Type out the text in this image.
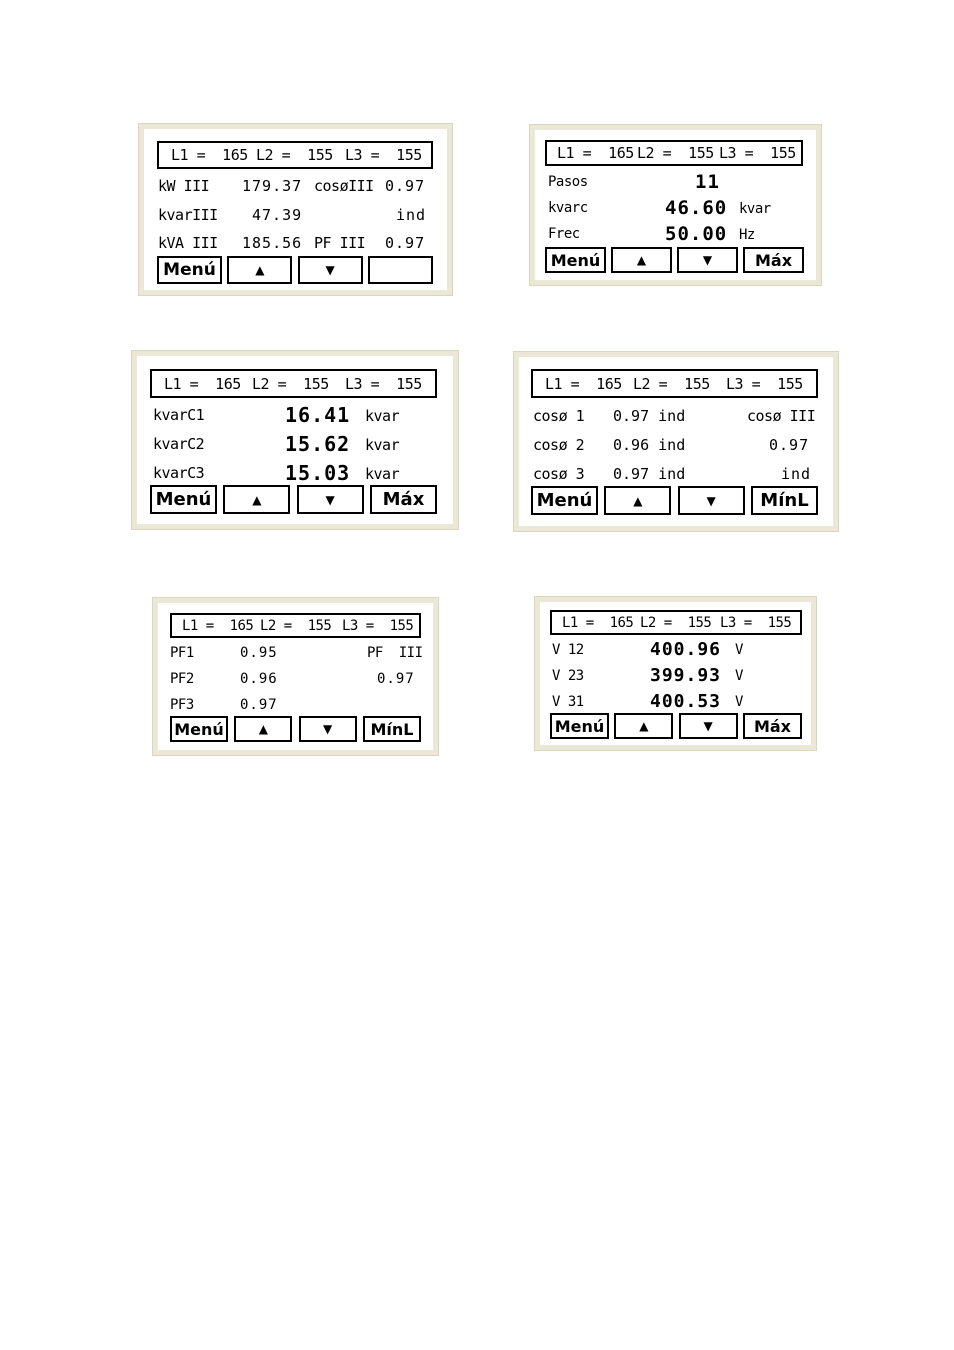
L1 =  165 L2 =  155 L3 =  155
kW III 179.37 cosøIII 0.97
kvarIII 47.39	ind
kVA III 185.56 PF III 0.97
Menú	▲	▼
L1 =  165 L2 =  155 L3 =  155
Pasos	11
kvarc	46.60 kvar
Frec	50.00 Hz
Menú	▲	▼	Máx
L1 =  165 L2 =  155 L3 =  155
kvarC1	16.41 kvar
kvarC2	15.62 kvar
kvarC3	15.03 kvar
Menú	▲	▼	Máx
L1 =  165 L2 =  155 L3 =  155
cosø 1 0.97 ind	cosø III
cosø 2 0.96 ind	0.97
cosø 3 0.97 ind	ind
Menú	▲	▼	MínL
L1 =  165 L2 =  155 L3 =  155
PF1	0.95	PF  III
PF2	0.96	0.97
PF3	0.97
Menú	▲	▼	MínL
L1 =  165 L2 =  155 L3 =  155
V 12	400.96 V
V 23	399.93 V
V 31	400.53 V
Menú	▲	▼	Máx
